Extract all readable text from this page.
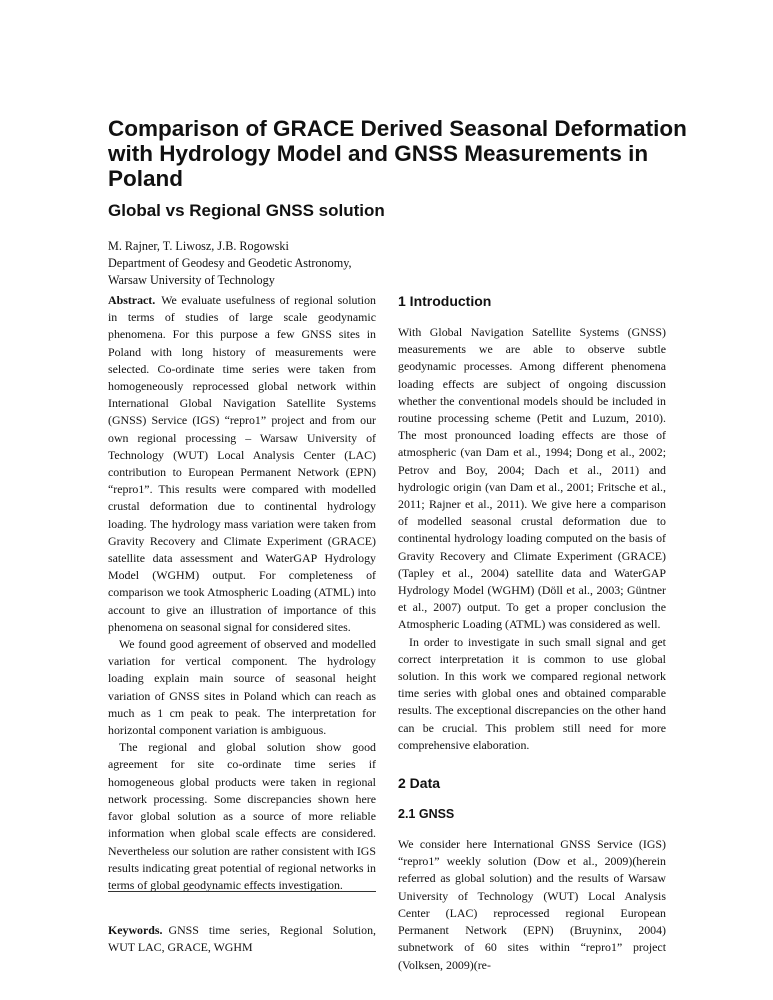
Comparison of GRACE Derived Seasonal Deformation with Hydrology Model and GNSS Measurements in Poland
Global vs Regional GNSS solution
M. Rajner, T. Liwosz, J.B. Rogowski
Department of Geodesy and Geodetic Astronomy,
Warsaw University of Technology

Abstract. We evaluate usefulness of regional solution in terms of studies of large scale geodynamic phenomena. For this purpose a few GNSS sites in Poland with long history of measurements were selected. Co-ordinate time series were taken from homogeneously reprocessed global network within International Global Navigation Satellite Systems (GNSS) Service (IGS) “repro1” project and from our own regional processing – Warsaw University of Technology (WUT) Local Analysis Center (LAC) contribution to European Permanent Network (EPN) “repro1”. This results were compared with modelled crustal deformation due to continental hydrology loading. The hydrology mass variation were taken from Gravity Recovery and Climate Experiment (GRACE) satellite data assessment and WaterGAP Hydrology Model (WGHM) output. For completeness of comparison we took Atmospheric Loading (ATML) into account to give an illustration of importance of this phenomena on seasonal signal for considered sites.

We found good agreement of observed and modelled variation for vertical component. The hydrology loading explain main source of seasonal height variation of GNSS sites in Poland which can reach as much as 1 cm peak to peak. The interpretation for horizontal component variation is ambiguous.

The regional and global solution show good agreement for site co-ordinate time series if homogeneous global products were taken in regional network processing. Some discrepancies shown here favor global solution as a source of more reliable information when global scale effects are considered. Nevertheless our solution are rather consistent with IGS results indicating great potential of regional networks in terms of global geodynamic effects investigation.

Keywords. GNSS time series, Regional Solution, WUT LAC, GRACE, WGHM

1 Introduction

With Global Navigation Satellite Systems (GNSS) measurements we are able to observe subtle geodynamic processes. Among different phenomena loading effects are subject of ongoing discussion whether the conventional models should be included in routine processing scheme (Petit and Luzum, 2010). The most pronounced loading effects are those of atmospheric (van Dam et al., 1994; Dong et al., 2002; Petrov and Boy, 2004; Dach et al., 2011) and hydrologic origin (van Dam et al., 2001; Fritsche et al., 2011; Rajner et al., 2011). We give here a comparison of modelled seasonal crustal deformation due to continental hydrology loading computed on the basis of Gravity Recovery and Climate Experiment (GRACE) (Tapley et al., 2004) satellite data and WaterGAP Hydrology Model (WGHM) (Döll et al., 2003; Güntner et al., 2007) output. To get a proper conclusion the Atmospheric Loading (ATML) was considered as well.

In order to investigate in such small signal and get correct interpretation it is common to use global solution. In this work we compared regional network time series with global ones and obtained comparable results. The exceptional discrepancies on the other hand can be crucial. This problem still need for more comprehensive elaboration.

2 Data
2.1 GNSS

We consider here International GNSS Service (IGS) “repro1” weekly solution (Dow et al., 2009)(herein referred as global solution) and the results of Warsaw University of Technology (WUT) Local Analysis Center (LAC) reprocessed regional European Permanent Network (EPN) (Bruyninx, 2004) subnetwork of 60 sites within “repro1” project (Volksen, 2009)(re-
